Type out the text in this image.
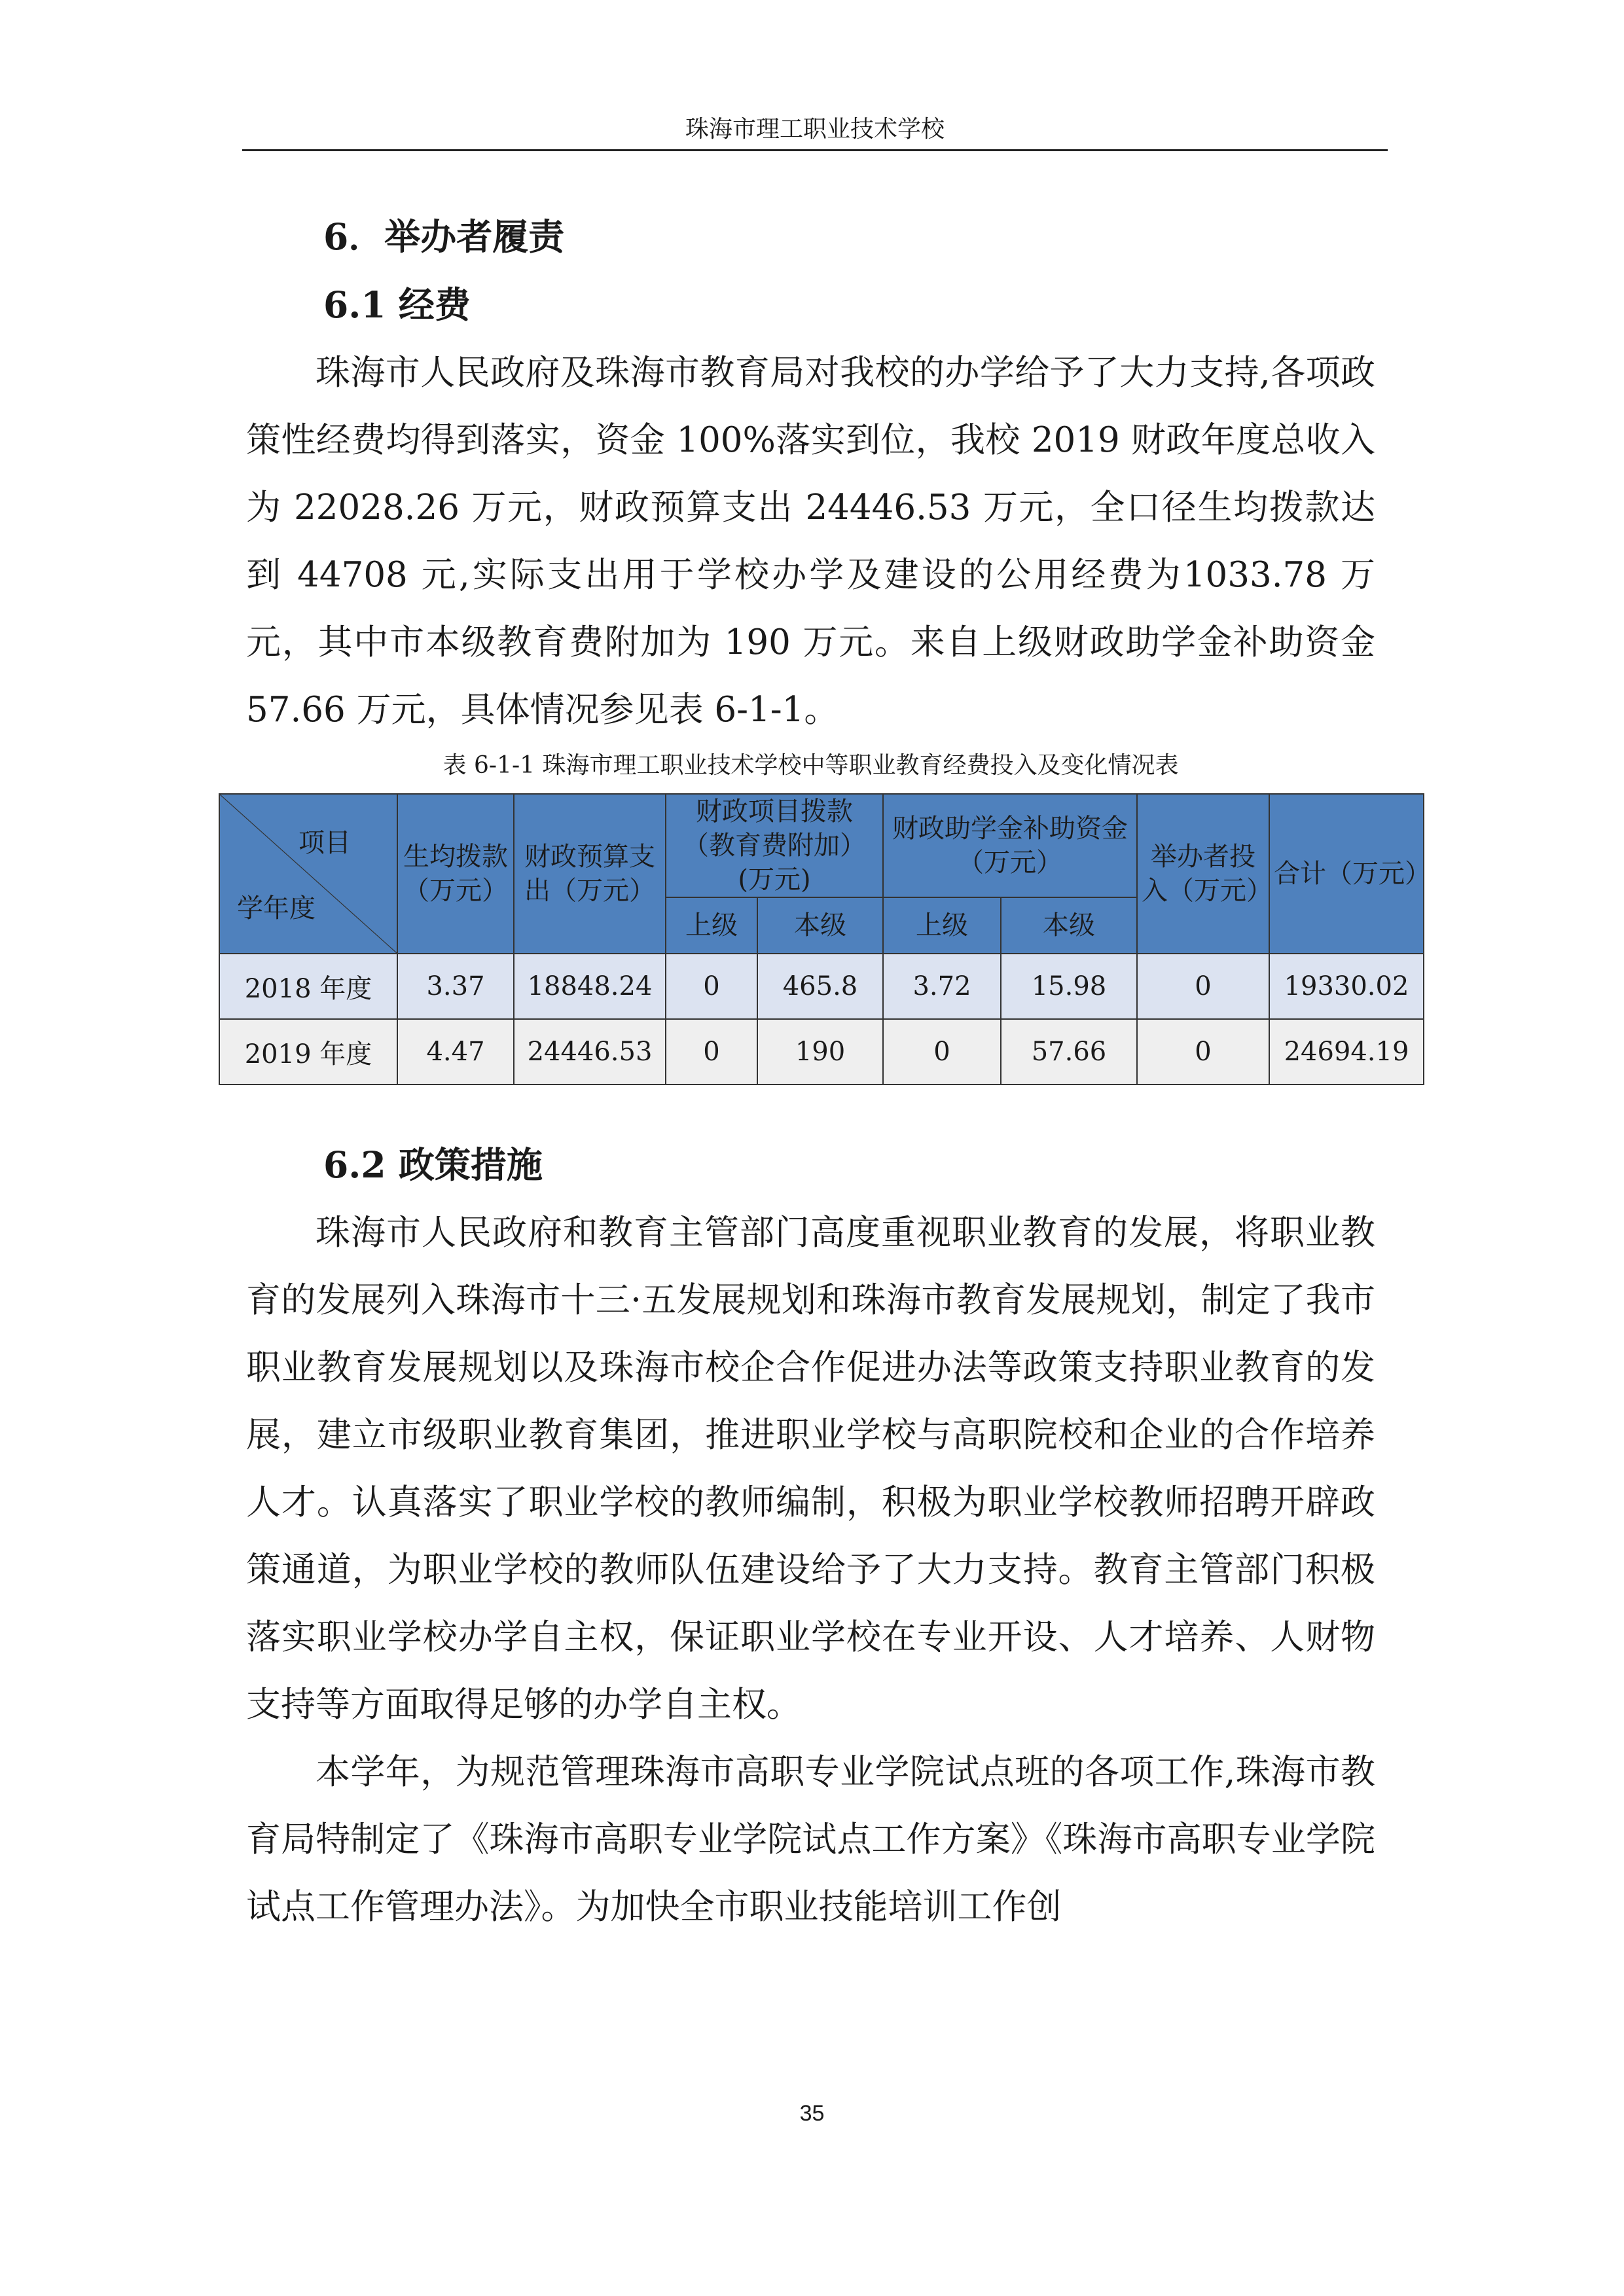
珠海市理工职业技术学校
6．举办者履责
6.1 经费

珠海市人民政府及珠海市教育局对我校的办学给予了大力支持,各项政策性经费均得到落实，资金 100%落实到位，我校 2019 财政年度总收入为 22028.26 万元，财政预算支出 24446.53 万元，全口径生均拨款达到 44708 元,实际支出用于学校办学及建设的公用经费为1033.78 万元，其中市本级教育费附加为 190 万元。来自上级财政助学金补助资金 57.66 万元，具体情况参见表 6-1-1。

表 6-1-1 珠海市理工职业技术学校中等职业教育经费投入及变化情况表
项目
学年度	生均拨款（万元）	财政预算支出（万元）	财政项目拨款（教育费附加）(万元)		财政助学金补助资金（万元）		举办者投入（万元）	合计（万元）
			上级	本级	上级	本级		
2018 年度	3.37	18848.24	0	465.8	3.72	15.98	0	19330.02
2019 年度	4.47	24446.53	0	190	0	57.66	0	24694.19
6.2 政策措施

珠海市人民政府和教育主管部门高度重视职业教育的发展，将职业教育的发展列入珠海市十三·五发展规划和珠海市教育发展规划，制定了我市职业教育发展规划以及珠海市校企合作促进办法等政策支持职业教育的发展，建立市级职业教育集团，推进职业学校与高职院校和企业的合作培养人才。认真落实了职业学校的教师编制，积极为职业学校教师招聘开辟政策通道，为职业学校的教师队伍建设给予了大力支持。教育主管部门积极落实职业学校办学自主权，保证职业学校在专业开设、人才培养、人财物支持等方面取得足够的办学自主权。

本学年，为规范管理珠海市高职专业学院试点班的各项工作,珠海市教育局特制定了《珠海市高职专业学院试点工作方案》《珠海市高职专业学院试点工作管理办法》。为加快全市职业技能培训工作创

35
